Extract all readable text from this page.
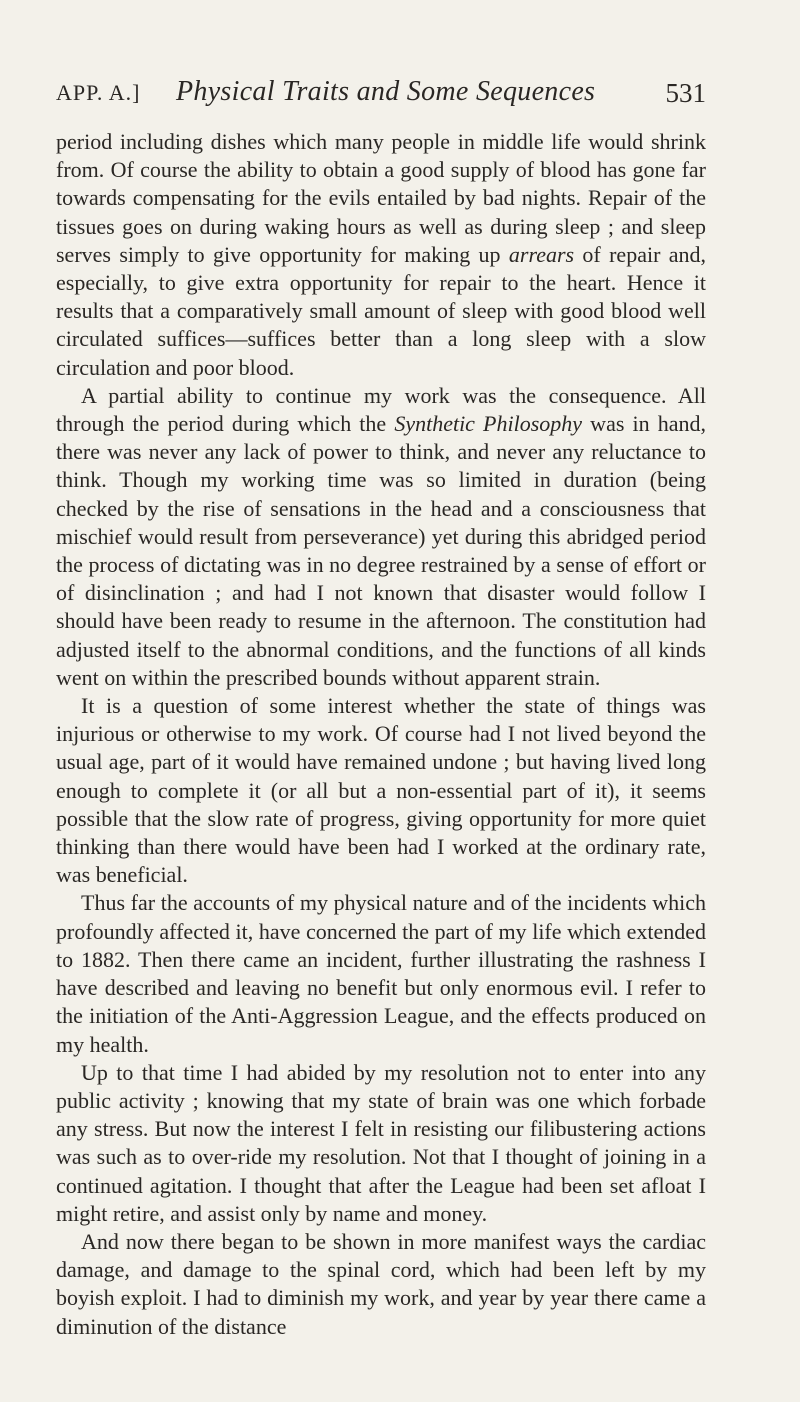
APP. A.] Physical Traits and Some Sequences	531

period including dishes which many people in middle life would shrink from. Of course the ability to obtain a good supply of blood has gone far towards compensating for the evils entailed by bad nights. Repair of the tissues goes on during waking hours as well as during sleep ; and sleep serves simply to give opportunity for making up arrears of repair and, especially, to give extra opportunity for repair to the heart. Hence it results that a comparatively small amount of sleep with good blood well circulated suffices—suffices better than a long sleep with a slow circulation and poor blood.

A partial ability to continue my work was the consequence. All through the period during which the Synthetic Philosophy was in hand, there was never any lack of power to think, and never any reluctance to think. Though my working time was so limited in duration (being checked by the rise of sensations in the head and a consciousness that mischief would result from perseverance) yet during this abridged period the process of dictating was in no degree restrained by a sense of effort or of disinclination ; and had I not known that disaster would follow I should have been ready to resume in the afternoon. The constitution had adjusted itself to the abnormal conditions, and the functions of all kinds went on within the prescribed bounds without apparent strain.

It is a question of some interest whether the state of things was injurious or otherwise to my work. Of course had I not lived beyond the usual age, part of it would have remained undone ; but having lived long enough to complete it (or all but a non-essential part of it), it seems possible that the slow rate of progress, giving opportunity for more quiet thinking than there would have been had I worked at the ordinary rate, was beneficial.

Thus far the accounts of my physical nature and of the incidents which profoundly affected it, have concerned the part of my life which extended to 1882. Then there came an incident, further illustrating the rashness I have described and leaving no benefit but only enormous evil. I refer to the initiation of the Anti-Aggression League, and the effects produced on my health.

Up to that time I had abided by my resolution not to enter into any public activity ; knowing that my state of brain was one which forbade any stress. But now the interest I felt in resisting our filibustering actions was such as to over-ride my resolution. Not that I thought of joining in a continued agitation. I thought that after the League had been set afloat I might retire, and assist only by name and money.

And now there began to be shown in more manifest ways the cardiac damage, and damage to the spinal cord, which had been left by my boyish exploit. I had to diminish my work, and year by year there came a diminution of the distance
